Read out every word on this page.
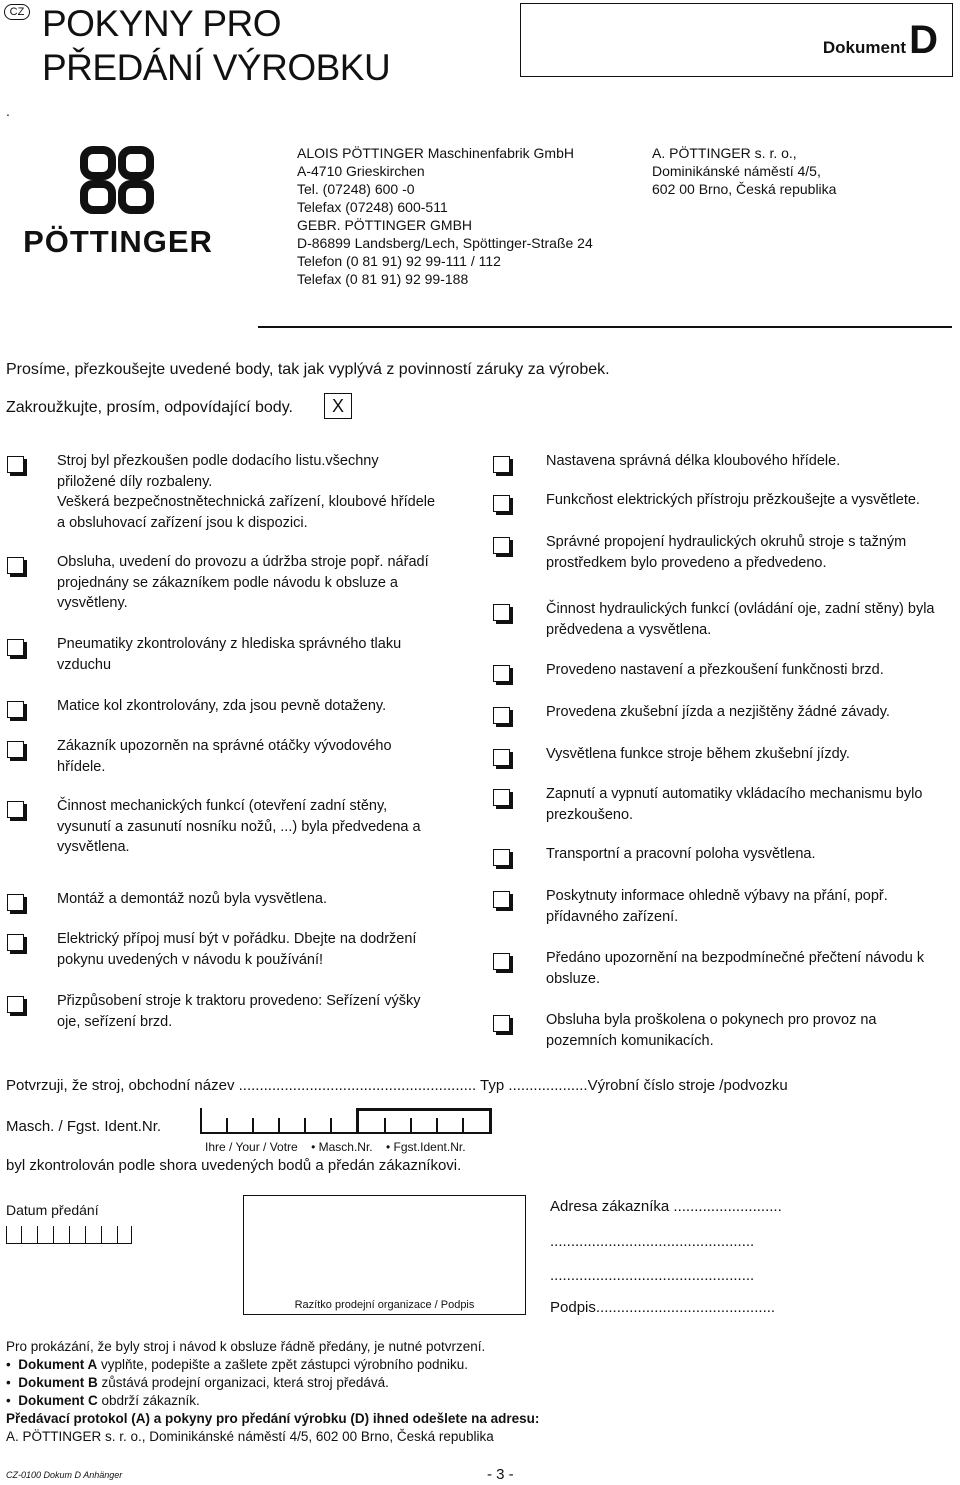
CZ POKYNY PRO
PŘEDÁNÍ VÝROBKU
.
Dokument D
PÖTTINGER
ALOIS PÖTTINGER Maschinenfabrik GmbH
A-4710 Grieskirchen
Tel. (07248) 600 -0
Telefax (07248) 600-511
GEBR. PÖTTINGER GMBH
D-86899 Landsberg/Lech, Spöttinger-Straße 24
Telefon (0 81 91) 92 99-111 / 112
Telefax (0 81 91) 92 99-188
A. PÖTTINGER s. r. o.,
Dominikánské náměstí 4/5,
602 00 Brno, Česká republika
Prosíme, přezkoušejte uvedené body, tak jak vyplývá z povinností záruky za výrobek.
Zakroužkujte, prosím, odpovídající body.	X
Stroj byl přezkoušen podle dodacího listu.všechny
přiložené díly rozbaleny.
Veškerá bezpečnostnětechnická zařízení, kloubové hřídele
a obsluhovací zařízení jsou k dispozici.
Obsluha, uvedení do provozu a údržba stroje popř. nářadí
projednány se zákazníkem podle návodu k obsluze a
vysvětleny.
Pneumatiky zkontrolovány z hlediska správného tlaku
vzduchu
Matice kol zkontrolovány, zda jsou pevně dotaženy.
Zákazník upozorněn na správné otáčky vývodového
hřídele.
Činnost mechanických funkcí (otevření zadní stěny,
vysunutí a zasunutí nosníku nožů, ...) byla předvedena a
vysvětlena.
Montáž a demontáž nozů byla vysvětlena.
Elektrický přípoj musí být v pořádku. Dbejte na dodržení
pokynu uvedených v návodu k používání!
Přizpůsobení stroje k traktoru provedeno: Seřízení výšky
oje, seřízení brzd.
Nastavena správná délka kloubového hřídele.
Funkcňost elektrických přístroju prězkoušejte a vysvětlete.
Správné propojení hydraulických okruhů stroje s tažným
prostředkem bylo provedeno a předvedeno.
Činnost hydraulických funkcí (ovládání oje, zadní stěny) byla
prědvedena a vysvětlena.
Provedeno nastavení a přezkoušení funkčnosti brzd.
Provedena zkušební jízda a nezjištěny žádné závady.
Vysvětlena funkce stroje během zkušební jízdy.
Zapnutí a vypnutí automatiky vkládacího mechanismu bylo
prezkoušeno.
Transportní a pracovní poloha vysvětlena.
Poskytnuty informace ohledně výbavy na přání, popř.
přídavného zařízení.
Předáno upozornění na bezpodmínečné přečtení návodu k
obsluze.
Obsluha byla proškolena o pokynech pro provoz na
pozemních komunikacích.
Potvrzuji, že stroj, obchodní název ......................................................... Typ ...................Výrobní číslo stroje /podvozku
Masch. / Fgst. Ident.Nr.
Ihre / Your / Votre • Masch.Nr. • Fgst.Ident.Nr.
byl zkontrolován podle shora uvedených bodů a předán zákazníkovi.
Datum předání
Razítko prodejní organizace / Podpis
Adresa zákazníka ..........................
.................................................
.................................................
Podpis...........................................
Pro prokázání, že byly stroj i návod k obsluze řádně předány, je nutné potvrzení.
•  Dokument A vyplňte, podepište a zašlete zpět zástupci výrobního podniku.
•  Dokument B zůstává prodejní organizaci, která stroj předává.
•  Dokument C obdrží zákazník.
Předávací protokol (A) a pokyny pro předání výrobku (D) ihned odešlete na adresu:
A. PÖTTINGER s. r. o., Dominikánské náměstí 4/5, 602 00 Brno, Česká republika
CZ-0100 Dokum D Anhänger	- 3 -
